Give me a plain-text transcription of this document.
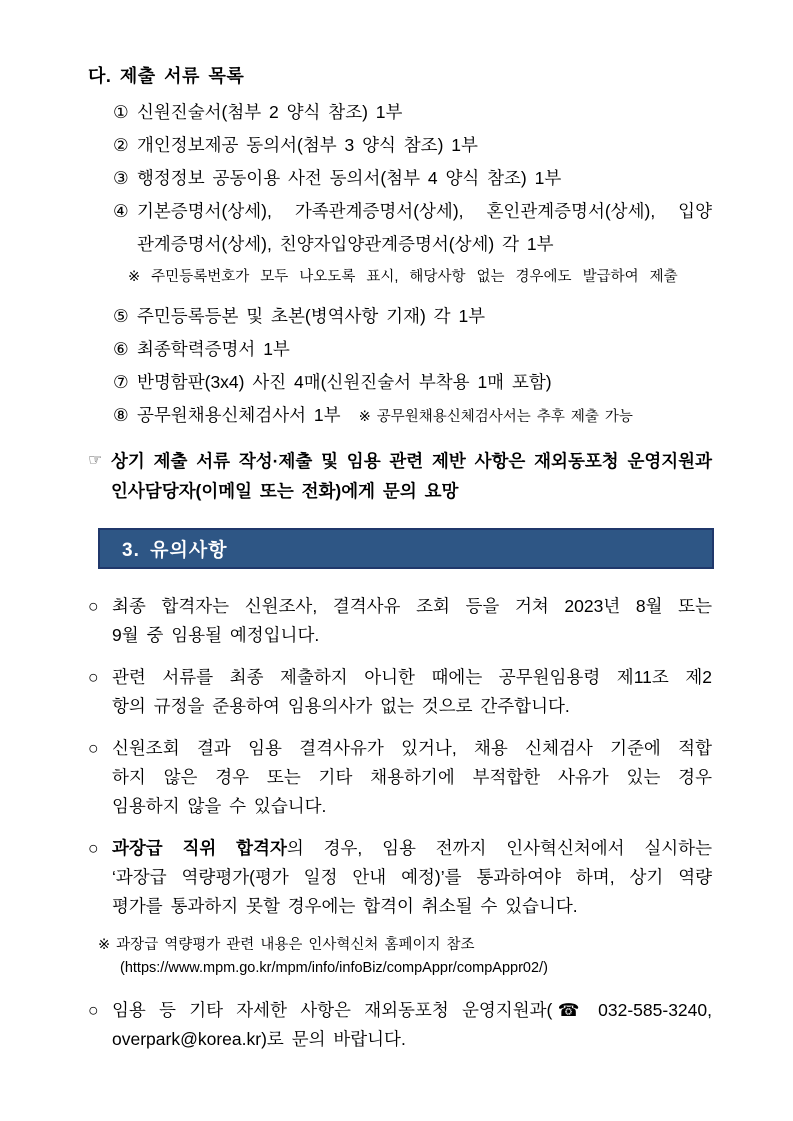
다. 제출 서류 목록
① 신원진술서(첨부 2 양식 참조) 1부
② 개인정보제공 동의서(첨부 3 양식 참조) 1부
③ 행정정보 공동이용 사전 동의서(첨부 4 양식 참조) 1부
④ 기본증명서(상세), 가족관계증명서(상세), 혼인관계증명서(상세), 입양
관계증명서(상세), 친양자입양관계증명서(상세) 각 1부
※ 주민등록번호가 모두 나오도록 표시, 해당사항 없는 경우에도 발급하여 제출
⑤ 주민등록등본 및 초본(병역사항 기재) 각 1부
⑥ 최종학력증명서 1부
⑦ 반명함판(3x4) 사진 4매(신원진술서 부착용 1매 포함)
⑧ 공무원채용신체검사서 1부 ※ 공무원채용신체검사서는 추후 제출 가능
☞ 상기 제출 서류 작성·제출 및 임용 관련 제반 사항은 재외동포청 운영지원과
인사담당자(이메일 또는 전화)에게 문의 요망
3. 유의사항
○ 최종 합격자는 신원조사, 결격사유 조회 등을 거쳐 2023년 8월 또는
9월 중 임용될 예정입니다.
○ 관련 서류를 최종 제출하지 아니한 때에는 공무원임용령 제11조 제2
항의 규정을 준용하여 임용의사가 없는 것으로 간주합니다.
○ 신원조회 결과 임용 결격사유가 있거나, 채용 신체검사 기준에 적합
하지 않은 경우 또는 기타 채용하기에 부적합한 사유가 있는 경우
임용하지 않을 수 있습니다.
○ 과장급 직위 합격자의 경우, 임용 전까지 인사혁신처에서 실시하는
‘과장급 역량평가(평가 일정 안내 예정)’를 통과하여야 하며, 상기 역량
평가를 통과하지 못할 경우에는 합격이 취소될 수 있습니다.
※ 과장급 역량평가 관련 내용은 인사혁신처 홈페이지 참조
(https://www.mpm.go.kr/mpm/info/infoBiz/compAppr/compAppr02/)
○ 임용 등 기타 자세한 사항은 재외동포청 운영지원과(☎ 032-585-3240,
overpark@korea.kr)로 문의 바랍니다.
